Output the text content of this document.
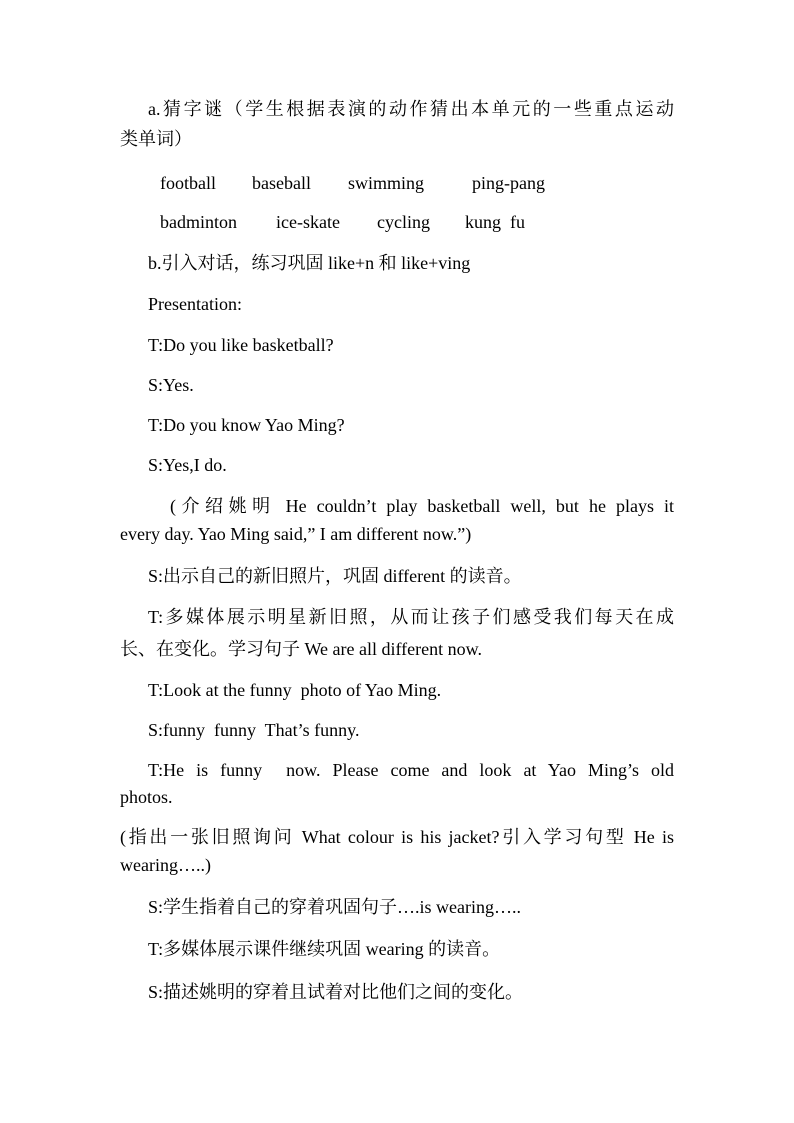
a.猜字谜（学生根据表演的动作猜出本单元的一些重点运动
类单词）
football baseball swimming	ping-pang
badminton ice-skate cycling kung  fu
b.引入对话，练习巩固 like+n 和 like+ving
Presentation:
T:Do you like basketball?
S:Yes.
T:Do you know Yao Ming?
S:Yes,I do.
(介绍姚明 He couldn’t play basketball well, but he plays it
every day. Yao Ming said,” I am different now.”)
S:出示自己的新旧照片，巩固 different 的读音。
T:多媒体展示明星新旧照，从而让孩子们感受我们每天在成
长、在变化。学习句子 We are all different now.
T:Look at the funny  photo of Yao Ming.
S:funny  funny  That’s funny.
T:He is funny  now. Please come and look at Yao Ming’s old
photos.
(指出一张旧照询问 What colour is his jacket?引入学习句型 He is
wearing…..)
S:学生指着自己的穿着巩固句子….is wearing…..
T:多媒体展示课件继续巩固 wearing 的读音。
S:描述姚明的穿着且试着对比他们之间的变化。
